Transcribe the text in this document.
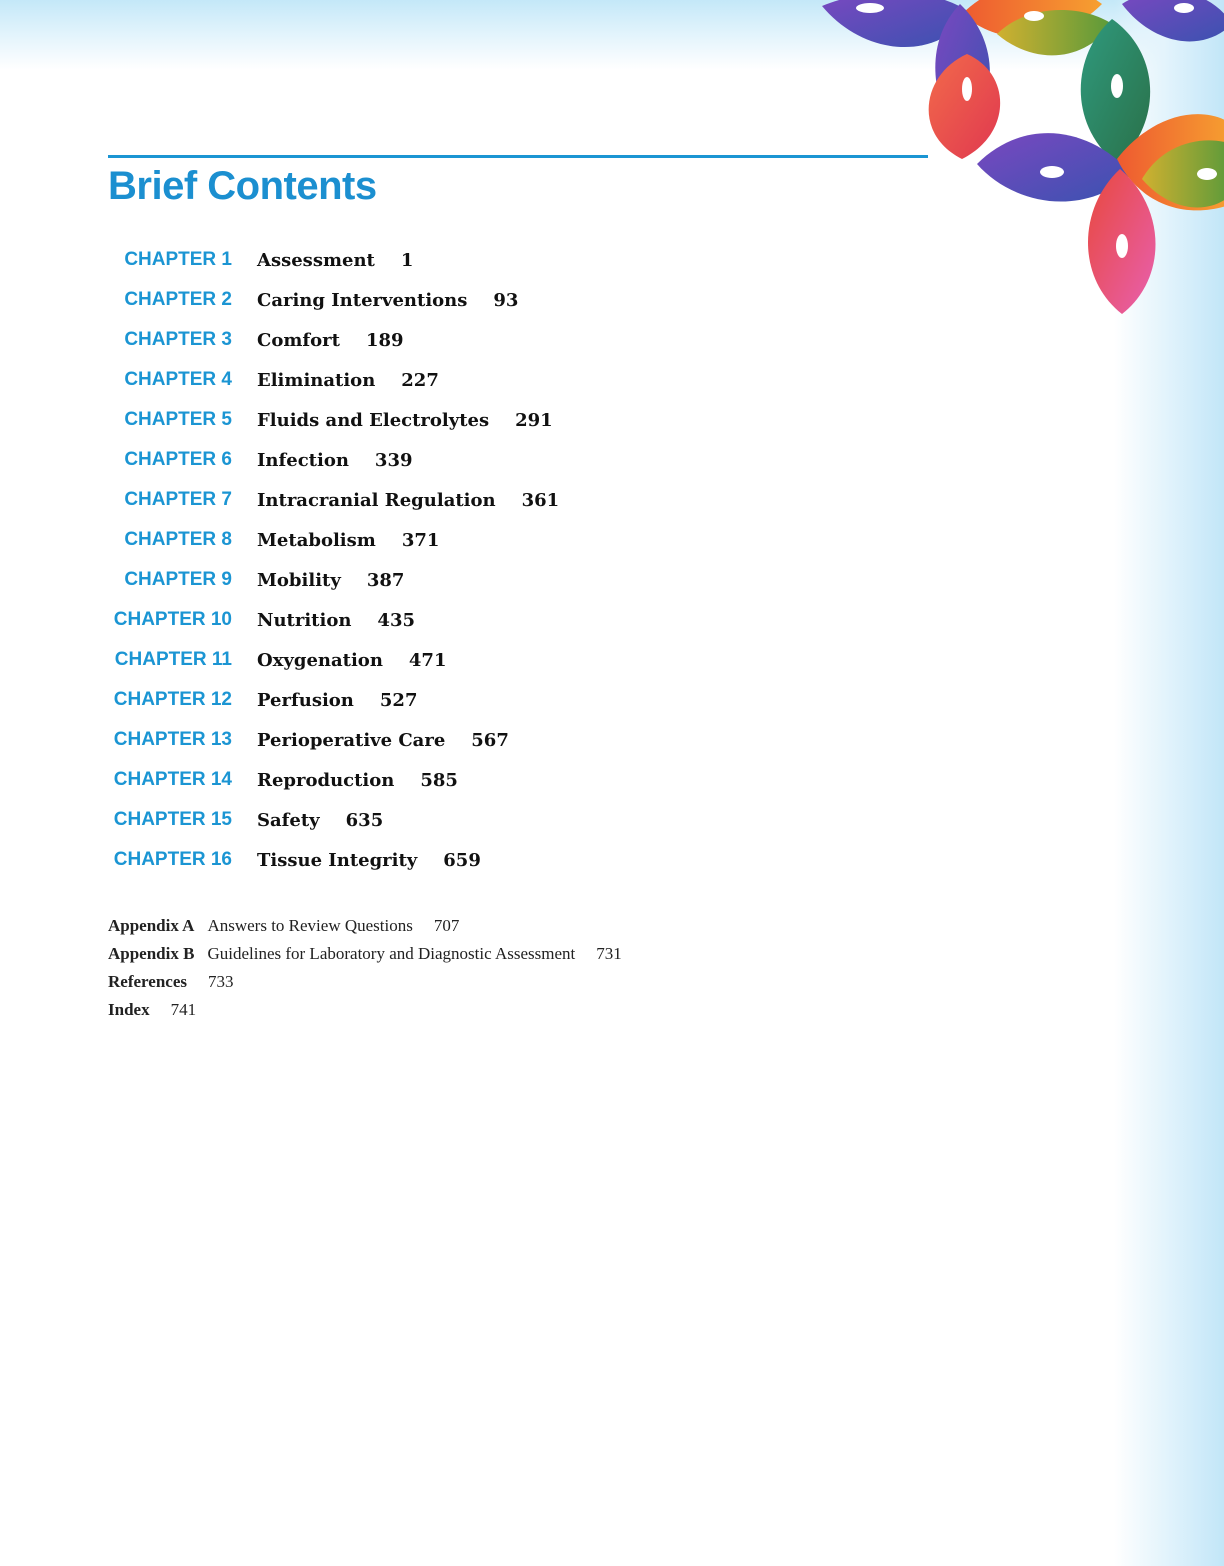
Brief Contents
CHAPTER 1 Assessment 1
CHAPTER 2 Caring Interventions 93
CHAPTER 3 Comfort 189
CHAPTER 4 Elimination 227
CHAPTER 5 Fluids and Electrolytes 291
CHAPTER 6 Infection 339
CHAPTER 7 Intracranial Regulation 361
CHAPTER 8 Metabolism 371
CHAPTER 9 Mobility 387
CHAPTER 10 Nutrition 435
CHAPTER 11 Oxygenation 471
CHAPTER 12 Perfusion 527
CHAPTER 13 Perioperative Care 567
CHAPTER 14 Reproduction 585
CHAPTER 15 Safety 635
CHAPTER 16 Tissue Integrity 659
Appendix A Answers to Review Questions 707
Appendix B Guidelines for Laboratory and Diagnostic Assessment 731
References 733
Index 741
